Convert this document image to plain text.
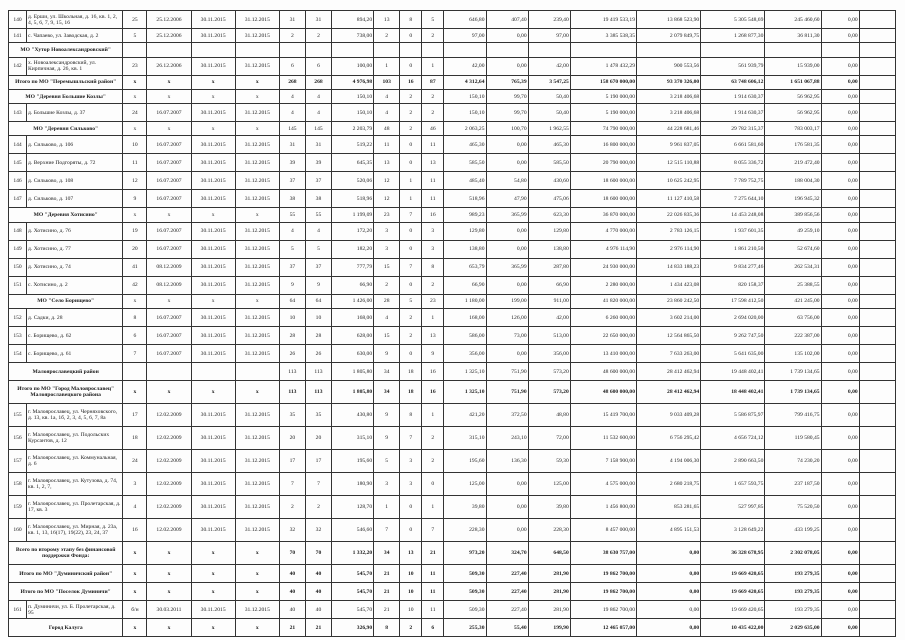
140	д. Ерши, ул. Школьная, д. 16, кв. 1, 2, 4, 5, 6, 7, 9, 15, 16	25	25.12.2006	30.11.2015	31.12.2015	31	31	894,20	13	8	5	646,80	407,40	239,40	19 419 533,19	13 868 523,90	5 305 548,69	245 460,60	0,00	
141	с. Чапаево, ул. Заводская, д. 2	5	25.12.2006	30.11.2015	31.12.2015	2	2	738,00	2	0	2	97,00	0,00	97,00	3 385 538,35	2 079 849,75	1 268 877,30	36 811,30	0,00	
МО "Хутор Новоалександровский"																				
142	х. Новоалександровский, ул. Кирпичная, д. 26, кв. 1	23	26.12.2006	30.11.2015	31.12.2015	6	6	100,00	1	0	1	42,00	0,00	42,00	1 478 432,29	900 553,56	561 939,79	15 939,00	0,00	
Итого по МО "Перемышльский район"		x	x	x	x	268	268	4 976,98	103	16	87	4 312,64	765,39	3 547,25	158 670 000,00	93 370 326,00	63 748 606,12	1 651 067,88	0,00	
МО "Деревня Большие Козлы"		x	x	x	x	4	4	150,10	4	2	2	150,10	99,70	50,40	5 190 000,00	3 218 406,68	1 914 630,37	56 962,95	0,00	
143	д. Большие Козлы, д. 37	24	16.07.2007	30.11.2015	31.12.2015	4	4	150,10	4	2	2	150,10	99,70	50,40	5 190 000,00	3 218 406,68	1 914 630,37	56 962,95	0,00	
МО "Деревня Сильково"		x	x	x	x	145	145	2 203,79	48	2	46	2 063,25	100,70	1 962,55	74 790 000,00	44 228 681,46	29 782 315,37	783 003,17	0,00	
144	д. Сильково, д. 106	10	16.07.2007	30.11.2015	31.12.2015	31	31	519,22	11	0	11	465,30	0,00	465,30	16 800 000,00	9 961 837,05	6 661 581,60	176 581,35	0,00	
145	д. Верхние Подгоряты, д. 72	11	16.07.2007	30.11.2015	31.12.2015	39	39	645,35	13	0	13	585,50	0,00	585,50	20 790 000,00	12 515 110,88	8 055 336,72	219 472,40	0,00	
146	д. Сильково, д. 108	12	16.07.2007	30.11.2015	31.12.2015	37	37	520,06	12	1	11	485,40	54,80	430,60	18 600 000,00	10 625 242,95	7 789 752,75	188 004,30	0,00	
147	д. Сильково, д. 107	9	16.07.2007	30.11.2015	31.12.2015	38	38	518,96	12	1	11	518,96	47,90	475,06	18 600 000,00	11 127 410,58	7 275 644,10	196 945,32	0,00	
МО "Деревня Хотисино"		x	x	x	x	55	55	1 199,09	23	7	16	989,23	365,99	623,30	36 870 000,00	22 026 835,36	14 453 248,08	389 856,56	0,00	
148	д. Хотисино, д. 76	19	16.07.2007	30.11.2015	31.12.2015	4	4	172,20	3	0	3	129,80	0,00	129,80	4 770 000,00	2 783 126,15	1 937 601,35	49 259,10	0,00	
149	д. Хотисино, д. 77	20	16.07.2007	30.11.2015	31.12.2015	5	5	182,20	3	0	3	138,80	0,00	138,80	4 976 114,90	2 976 114,90	1 861 210,50	52 674,60	0,00	
150	д. Хотисино, д. 74	41	08.12.2009	30.11.2015	31.12.2015	37	37	777,79	15	7	8	653,79	365,99	287,80	24 930 000,00	14 833 188,23	9 834 277,46	262 534,31	0,00	
151	с. Хотисино, д. 2	42	08.12.2009	30.11.2015	31.12.2015	9	9	66,90	2	0	2	66,90	0,00	66,90	2 280 000,00	1 434 423,08	820 158,37	25 388,55	0,00	
МО "Село Борищево"		x	x	x	x	64	64	1 426,00	28	5	23	1 180,00	199,00	911,00	41 820 000,00	23 860 242,50	17 598 412,50	421 245,00	0,00	
152	д. Садки, д. 28	8	16.07.2007	30.11.2015	31.12.2015	10	10	168,00	4	2	1	168,00	126,00	42,00	6 260 000,00	3 602 214,00	2 694 020,00	63 756,00	0,00	
153	с. Борищево, д. 62	6	16.07.2007	30.11.2015	31.12.2015	28	28	628,00	15	2	13	586,00	73,00	513,00	22 650 000,00	12 564 865,50	9 262 747,50	222 387,00	0,00	
154	с. Борищево, д. 61	7	16.07.2007	30.11.2015	31.12.2015	26	26	630,00	9	0	9	356,00	0,00	356,00	13 410 000,00	7 633 263,00	5 641 635,00	135 102,00	0,00	
Малоярославецкий район						113	113	1 805,80	34	18	16	1 325,10	751,90	573,20	48 600 000,00	28 412 462,94	19 448 402,41	1 739 134,65	0,00	
Итого по МО "Город Малоярославец" Малоярославецкого района		x	x	x	x	113	113	1 805,80	34	18	16	1 325,10	751,90	573,20	48 600 000,00	28 412 462,94	18 448 402,41	1 739 134,65	0,00	
155	г. Малоярославец, ул. Черняховского, д. 13, кв. 1а, 1б, 2, 3, 4, 5, 6, 7, 8а	17	12.02.2009	30.11.2015	31.12.2015	35	35	430,80	9	8	1	421,20	372,50	48,80	15 419 700,00	9 033 409,28	5 586 875,97	799 416,75	0,00	
156	г. Малоярославец, ул. Подольских Курсантов, д. 12	18	12.02.2009	30.11.2015	31.12.2015	20	20	315,10	9	7	2	315,10	243,10	72,00	11 532 600,00	6 756 295,42	4 656 724,12	119 580,45	0,00	
157	г. Малоярославец, ул. Коммунальная, д. 6	24	12.02.2009	30.11.2015	31.12.2015	17	17	195,60	5	3	2	195,60	136,30	59,30	7 158 900,00	4 194 006,30	2 890 663,50	74 230,20	0,00	
158	г. Малоярославец, ул. Кутузова, д. 74, кв. 1, 2, 7,	3	12.02.2009	30.11.2015	31.12.2015	7	7	180,90	3	3	0	125,00	0,00	125,00	4 575 000,00	2 680 218,75	1 657 593,75	237 187,50	0,00	
159	г. Малоярославец, ул. Пролетарская, д. 17, кв. 3	4	12.02.2009	30.11.2015	31.12.2015	2	2	128,70	1	0	1	39,80	0,00	39,80	1 456 800,00	853 281,65	527 997,85	75 520,50	0,00	
160	г. Малоярославец, ул. Мирная, д. 23а, кв. 1, 13, 16(17), 19(22), 23, 24, 37	16	12.02.2009	30.11.2015	31.12.2015	32	32	546,60	7	0	7	228,30	0,00	228,30	8 457 000,00	4 895 151,53	3 128 649,22	433 199,25	0,00	
Всего по второму этапу без финансовой поддержки Фонда:		x	x	x	x	70	70	1 332,20	34	13	21	973,20	324,70	648,50	38 630 757,00	0,00	36 328 678,95	2 302 078,05	0,00	
Итого по МО "Думиничский район"		x	x	x	x	40	40	545,70	21	10	11	509,30	227,40	281,90	19 862 700,00	0,00	19 669 420,65	193 279,35	0,00	
Итого по МО "Поселок Думиничи"		x	x	x	x	40	40	545,70	21	10	11	509,30	227,40	281,90	19 862 700,00	0,00	19 669 420,65	193 279,35	0,00	
161	п. Думиничи, ул. Б. Пролетарская, д. 95	б/н	30.03.2011	30.11.2015	31.12.2015	40	40	545,70	21	10	11	509,30	227,40	281,90	19 862 700,00	0,00	19 669 420,65	193 279,35	0,00	
Город Калуга		x	x	x	x	21	21	326,90	8	2	6	255,30	55,40	199,90	12 465 057,00	0,00	10 435 422,00	2 029 635,00	0,00	
